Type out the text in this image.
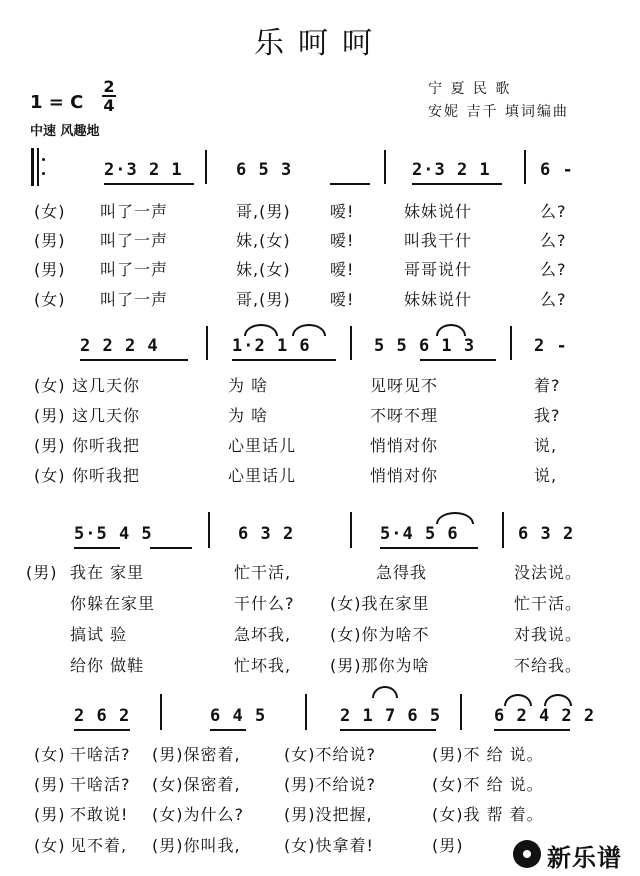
乐呵呵
1 = C
2
4
中速 风趣地
宁 夏 民 歌
安妮 吉千 填词编曲
2·3 2 1	6 5 3	2·3 2 1	6 -
(女) 叫了一声	哥,(男) 嗳!	妹妹说什	么?
(男) 叫了一声	妹,(女) 嗳!	叫我干什	么?
(男) 叫了一声	妹,(女) 嗳!	哥哥说什	么?
(女) 叫了一声	哥,(男) 嗳!	妹妹说什	么?
2 2 2 4	1·2 1 6	5 5 6 1 3	2 -
(女) 这几天你	为 啥	见呀见不	着?
(男) 这几天你	为 啥	不呀不理	我?
(男) 你听我把	心里话儿	悄悄对你	说,
(女) 你听我把	心里话儿	悄悄对你	说,
5·5 4 5	6 3 2	5·4 5 6	6 3 2
(男) 我在 家里	忙干活,	急得我	没法说。
你躲在家里	干什么? (女)我在家里	忙干活。
搞试 验	急坏我, (女)你为啥不	对我说。
给你 做鞋	忙坏我, (男)那你为啥	不给我。
2 6 2	6 4 5	2 1 7 6 5	6 2 4 2 2
(女) 干啥活? (男)保密着,	(女)不给说?	(男)不 给 说。
(男) 干啥活? (女)保密着,	(男)不给说?	(女)不 给 说。
(男) 不敢说! (女)为什么?	(男)没把握,	(女)我 帮 着。
(女) 见不着, (男)你叫我,	(女)快拿着!	(男)	新乐谱
